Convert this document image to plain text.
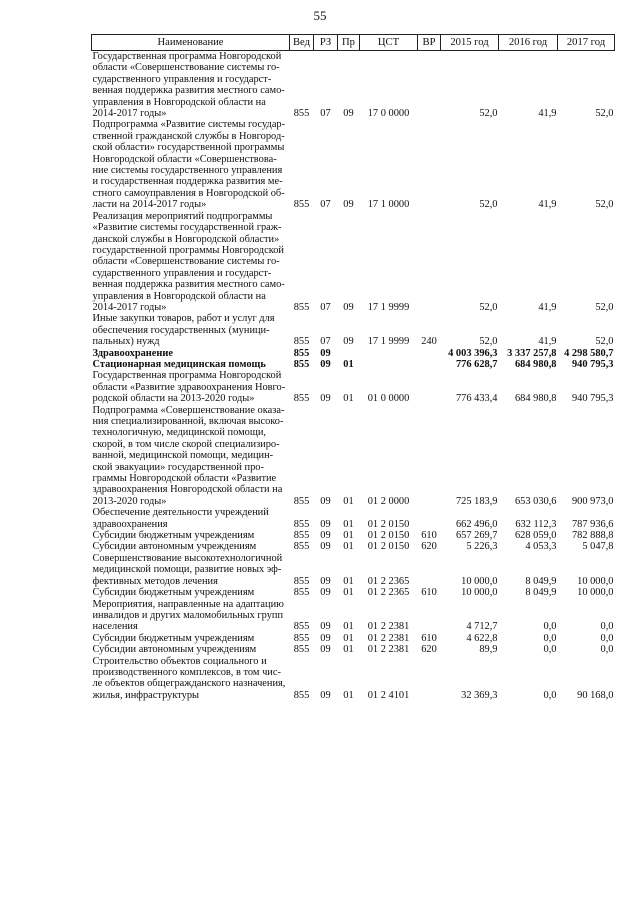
55
Наименование	Вед	РЗ	Пр	ЦСТ	ВР	2015 год	2016 год	2017 год
Государственная программа Новгородской области «Совершенствование системы го-сударственного управления и государст-венная поддержка развития местного само-управления в Новгородской области на 2014-2017 годы»	855	07	09	17 0 0000		52,0	41,9	52,0
Подпрограмма «Развитие системы государ-ственной гражданской службы в Новгород-ской области» государственной программы Новгородской области «Совершенствова-ние системы государственного управления и государственная поддержка развития ме-стного самоуправления в Новгородской об-ласти на 2014-2017 годы»	855	07	09	17 1 0000		52,0	41,9	52,0
Реализация мероприятий подпрограммы «Развитие системы государственной граж-данской службы в Новгородской области» государственной программы Новгородской области «Совершенствование системы го-сударственного управления и государст-венная поддержка развития местного само-управления в Новгородской области на 2014-2017 годы»	855	07	09	17 1 9999		52,0	41,9	52,0
Иные закупки товаров, работ и услуг для обеспечения государственных (муници-пальных) нужд	855	07	09	17 1 9999	240	52,0	41,9	52,0
Здравоохранение	855	09				4 003 396,3	3 337 257,8	4 298 580,7
Стационарная медицинская помощь	855	09	01			776 628,7	684 980,8	940 795,3
Государственная программа Новгородской области «Развитие здравоохранения Новго-родской области на 2013-2020 годы»	855	09	01	01 0 0000		776 433,4	684 980,8	940 795,3
Подпрограмма «Совершенствование оказа-ния специализированной, включая высоко-технологичную, медицинской помощи, скорой, в том числе скорой специализиро-ванной, медицинской помощи, медицин-ской эвакуации» государственной про-граммы Новгородской области «Развитие здравоохранения Новгородской области на 2013-2020 годы»	855	09	01	01 2 0000		725 183,9	653 030,6	900 973,0
Обеспечение деятельности учреждений здравоохранения	855	09	01	01 2 0150		662 496,0	632 112,3	787 936,6
Субсидии бюджетным учреждениям	855	09	01	01 2 0150	610	657 269,7	628 059,0	782 888,8
Субсидии автономным учреждениям	855	09	01	01 2 0150	620	5 226,3	4 053,3	5 047,8
Совершенствование высокотехнологичной медицинской помощи, развитие новых эф-фективных методов лечения	855	09	01	01 2 2365		10 000,0	8 049,9	10 000,0
Субсидии бюджетным учреждениям	855	09	01	01 2 2365	610	10 000,0	8 049,9	10 000,0
Мероприятия, направленные на адаптацию инвалидов и других маломобильных групп населения	855	09	01	01 2 2381		4 712,7	0,0	0,0
Субсидии бюджетным учреждениям	855	09	01	01 2 2381	610	4 622,8	0,0	0,0
Субсидии автономным учреждениям	855	09	01	01 2 2381	620	89,9	0,0	0,0
Строительство объектов социального и производственного комплексов, в том чис-ле объектов общегражданского назначения, жилья, инфраструктуры	855	09	01	01 2 4101		32 369,3	0,0	90 168,0
